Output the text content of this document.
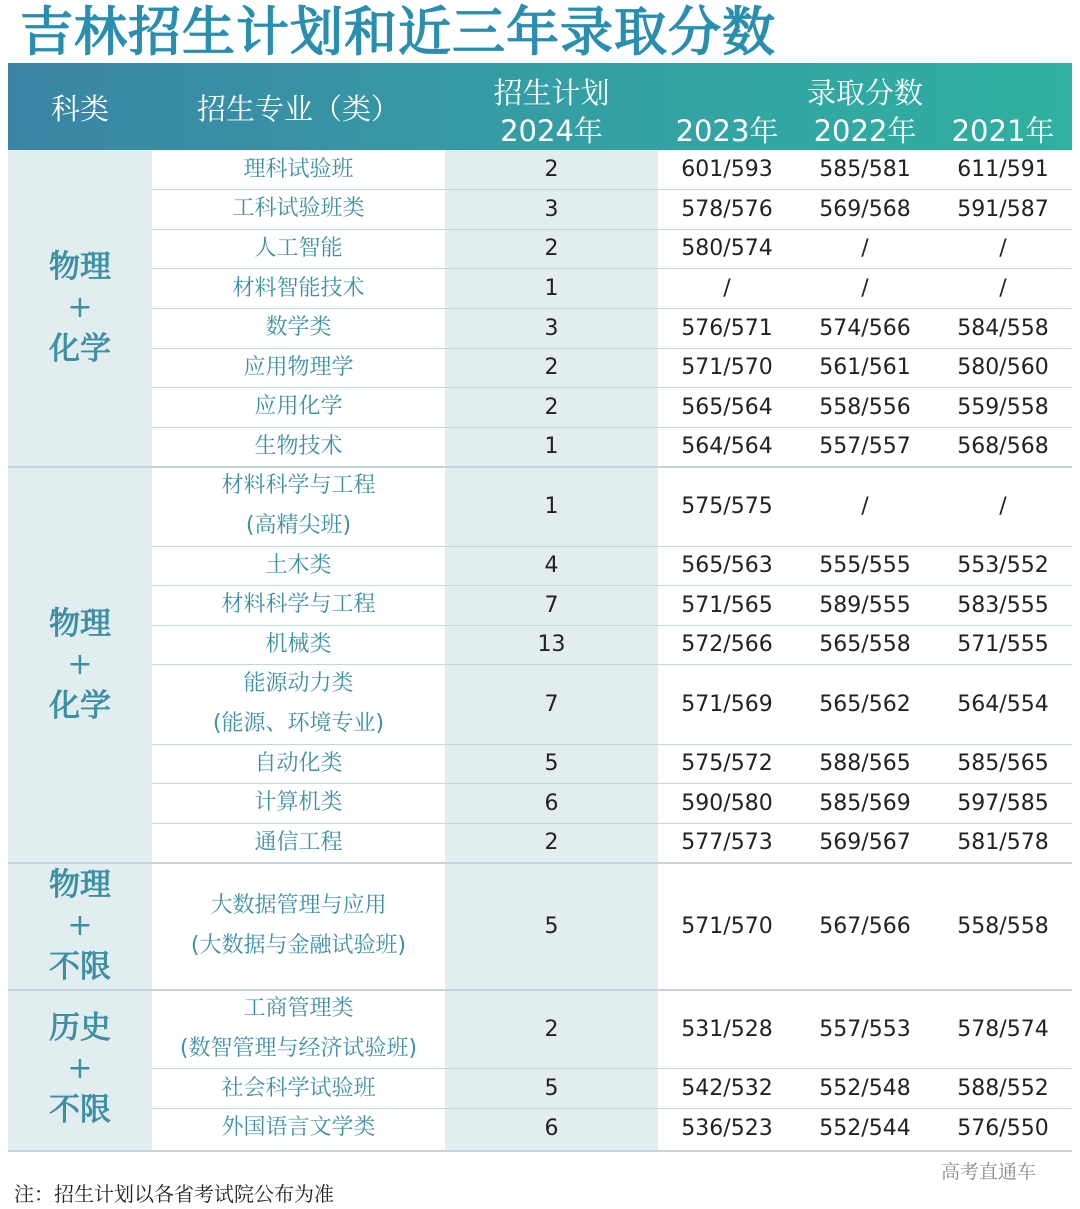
吉林招生计划和近三年录取分数
科类	招生专业（类）	招生计划
2024年
录取分数
2023年	2022年	2021年
物理
+
化学
理科试验班	2	601/593	585/581	611/591
工科试验班类	3	578/576	569/568	591/587
人工智能	2	580/574	/	/
材料智能技术	1	/	/	/
数学类	3	576/571	574/566	584/558
应用物理学	2	571/570	561/561	580/560
应用化学	2	565/564	558/556	559/558
生物技术	1	564/564	557/557	568/568
物理
+
化学
材料科学与工程
(高精尖班)
1	575/575	/	/
土木类	4	565/563	555/555	553/552
材料科学与工程	7	571/565	589/555	583/555
机械类	13	572/566	565/558	571/555
能源动力类
(能源、环境专业)
7	571/569	565/562	564/554
自动化类	5	575/572	588/565	585/565
计算机类	6	590/580	585/569	597/585
通信工程	2	577/573	569/567	581/578
物理
+
不限
大数据管理与应用
(大数据与金融试验班)
5	571/570	567/566	558/558
历史
+
不限
工商管理类
(数智管理与经济试验班)
2	531/528	557/553	578/574
社会科学试验班	5	542/532	552/548	588/552
外国语言文学类	6	536/523	552/544	576/550
注：招生计划以各省考试院公布为准
高考直通车
